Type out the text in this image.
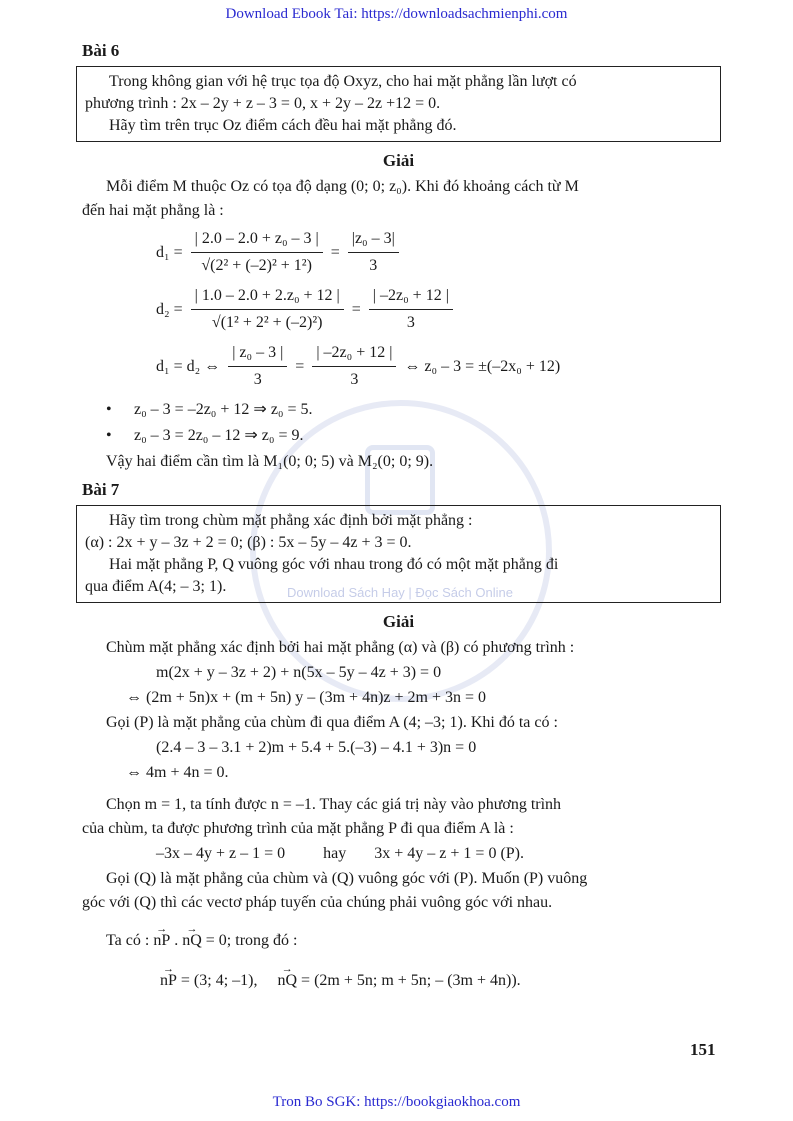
Download Ebook Tai: https://downloadsachmienphi.com
Download Sách Hay | Đọc Sách Online
Bài 6

Trong không gian với hệ trục tọa độ Oxyz, cho hai mặt phẳng lần lượt có

phương trình : 2x – 2y + z – 3 = 0, x + 2y – 2z +12 = 0.

Hãy tìm trên trục Oz điểm cách đều hai mặt phẳng đó.

Giải

Mỗi điểm M thuộc Oz có tọa độ dạng (0; 0; z₀). Khi đó khoảng cách từ M

đến hai mặt phẳng là :

$d_1 = \frac{\text{| 2.0 – 2.0 + z₀ – 3 |}}{\text{√(2² + (–2)² + 1²)}} = \frac{\text{|z₀ – 3|}}{3}$
$d_2 = \frac{\text{| 1.0 – 2.0 + 2.z₀ + 12 |}}{\text{√(1² + 2² + (–2)²)}} = \frac{\text{| –2z₀ + 12 |}}{3}$
d₁ = d₂ ⇔ $\frac{\text{| z₀ – 3 |}}{3} = \frac{\text{| –2z₀ + 12 |}}{3}$ ⇔ z₀ – 3 = ±(–2x₀ + 12)
• z₀ – 3 = –2z₀ + 12 ⇒ z₀ = 5.
• z₀ – 3 = 2z₀ – 12 ⇒ z₀ = 9.

Vậy hai điểm cần tìm là M₁(0; 0; 5) và M₂(0; 0; 9).

Bài 7

Hãy tìm trong chùm mặt phẳng xác định bởi mặt phẳng :

(α) : 2x + y – 3z + 2 = 0; (β) : 5x – 5y – 4z + 3 = 0.

Hai mặt phẳng P, Q vuông góc với nhau trong đó có một mặt phẳng đi

qua điểm A(4; – 3; 1).

Giải

Chùm mặt phẳng xác định bởi hai mặt phẳng (α) và (β) có phương trình :

m(2x + y – 3z + 2) + n(5x – 5y – 4z + 3) = 0
⇔ (2m + 5n)x + (m + 5n) y – (3m + 4n)z + 2m + 3n = 0

Gọi (P) là mặt phẳng của chùm đi qua điểm A (4; –3; 1). Khi đó ta có :

(2.4 – 3 – 3.1 + 2)m + 5.4 + 5.(–3) – 4.1 + 3)n = 0
⇔ 4m + 4n = 0.

Chọn m = 1, ta tính được n = –1. Thay các giá trị này vào phương trình

của chùm, ta được phương trình của mặt phẳng P đi qua điểm A là :

–3x – 4y + z – 1 = 0 hay 3x + 4y – z + 1 = 0 (P).

Gọi (Q) là mặt phẳng của chùm và (Q) vuông góc với (P). Muốn (P) vuông

góc với (Q) thì các vectơ pháp tuyến của chúng phải vuông góc với nhau.

Ta có : → nP . → nQ = 0; trong đó :
→ nP = (3; 4; –1), → nQ = (2m + 5n; m + 5n; – (3m + 4n)).
151
Tron Bo SGK: https://bookgiaokhoa.com
